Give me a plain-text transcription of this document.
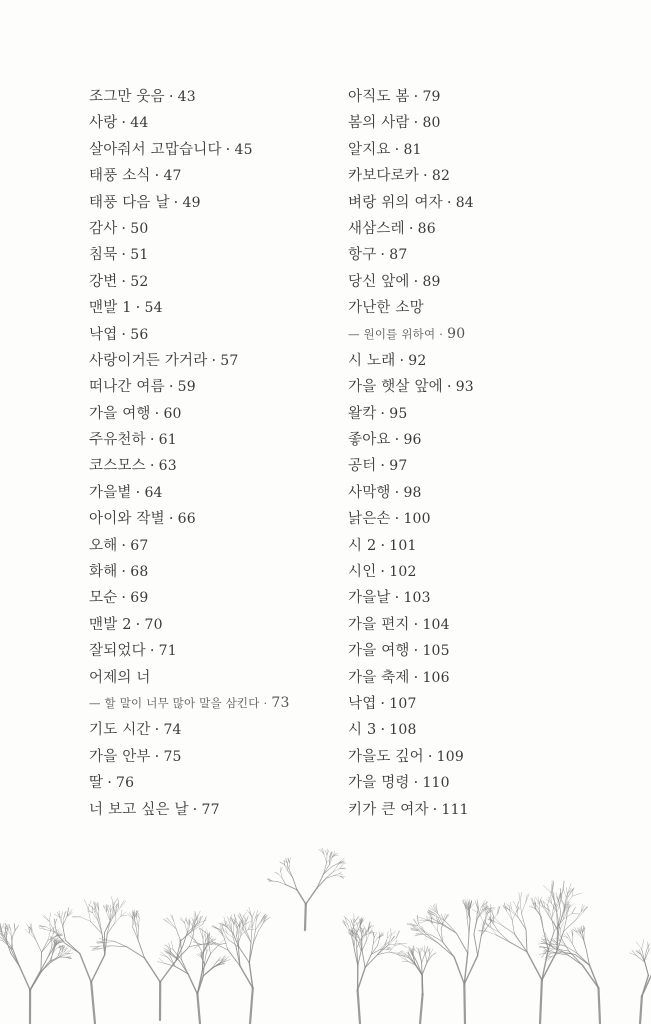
조그만 웃음 · 43
사랑 · 44
살아줘서 고맙습니다 · 45
태풍 소식 · 47
태풍 다음 날 · 49
감사 · 50
침묵 · 51
강변 · 52
맨발 1 · 54
낙엽 · 56
사랑이거든 가거라 · 57
떠나간 여름 · 59
가을 여행 · 60
주유천하 · 61
코스모스 · 63
가을볕 · 64
아이와 작별 · 66
오해 · 67
화해 · 68
모순 · 69
맨발 2 · 70
잘되었다 · 71
어제의 너
— 할 말이 너무 많아 말을 삼킨다 · 73
기도 시간 · 74
가을 안부 · 75
딸 · 76
너 보고 싶은 날 · 77
아직도 봄 · 79
봄의 사람 · 80
알지요 · 81
카보다로카 · 82
벼랑 위의 여자 · 84
새삼스레 · 86
항구 · 87
당신 앞에 · 89
가난한 소망
— 원이를 위하여 · 90
시 노래 · 92
가을 햇살 앞에 · 93
왈칵 · 95
좋아요 · 96
공터 · 97
사막행 · 98
낡은손 · 100
시 2 · 101
시인 · 102
가을날 · 103
가을 편지 · 104
가을 여행 · 105
가을 축제 · 106
낙엽 · 107
시 3 · 108
가을도 깊어 · 109
가을 명령 · 110
키가 큰 여자 · 111
